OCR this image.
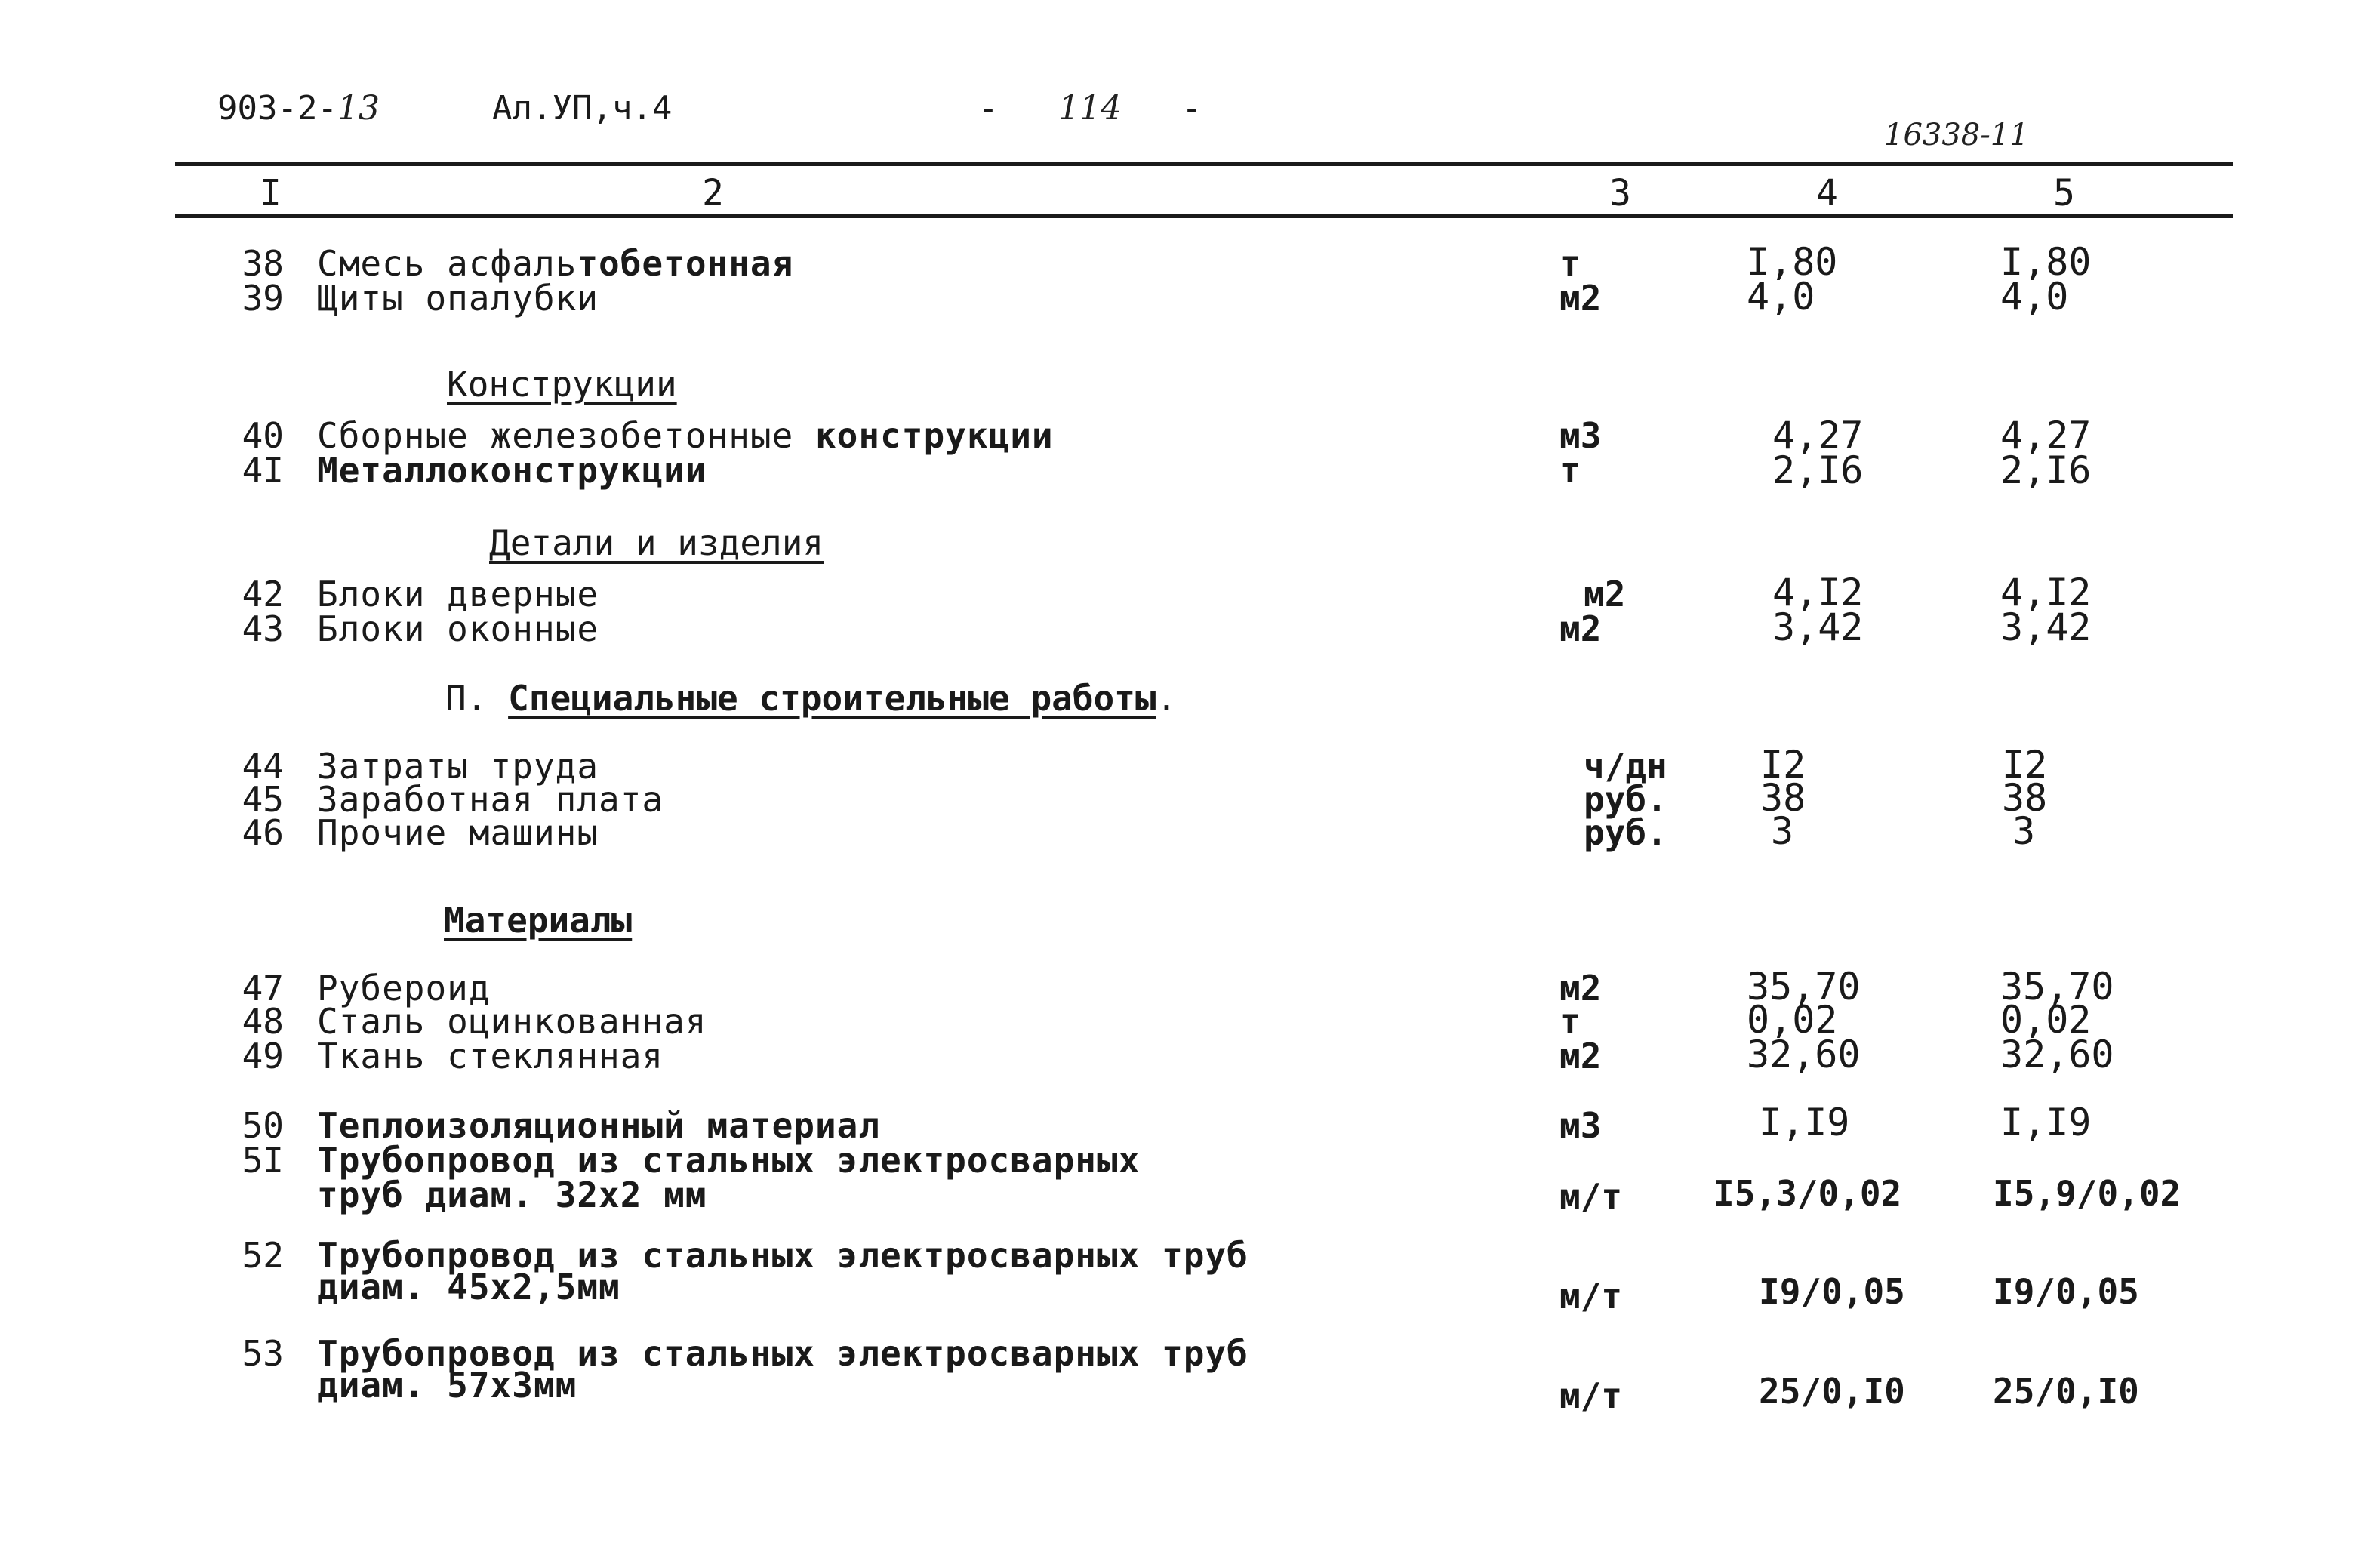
903-2-13	Ал.УП,ч.4	- 114 -
16338-11
I	2	3	4	5
38 Смесь асфальтобетонная	т	I,80	I,80
39 Щиты опалубки	м2	4,0	4,0
Конструкции
40 Сборные железобетонные конструкции	м3	4,27	4,27
4I Металлоконструкции	т	2,I6	2,I6
Детали и изделия
42 Блоки дверные	м2	4,I2	4,I2
43 Блоки оконные	м2	3,42	3,42
П. Специальные строительные работы.
44 Затраты труда	ч/дн I2	I2
45 Заработная плата	руб. 38	38
46 Прочие машины	руб.	3	3
Материалы
47 Рубероид	м2	35,70	35,70
48 Сталь оцинкованная	т	0,02	0,02
49 Ткань стеклянная	м2	32,60	32,60
50 Теплоизоляционный материал	м3	I,I9	I,I9
5I Трубопровод из стальных электросварных
труб диам. 32х2 мм	м/т	I5,3/0,02	I5,9/0,02
52 Трубопровод из стальных электросварных труб
диам. 45х2,5мм	м/т	I9/0,05	I9/0,05
53 Трубопровод из стальных электросварных труб
диам. 57х3мм	м/т	25/0,I0	25/0,I0
